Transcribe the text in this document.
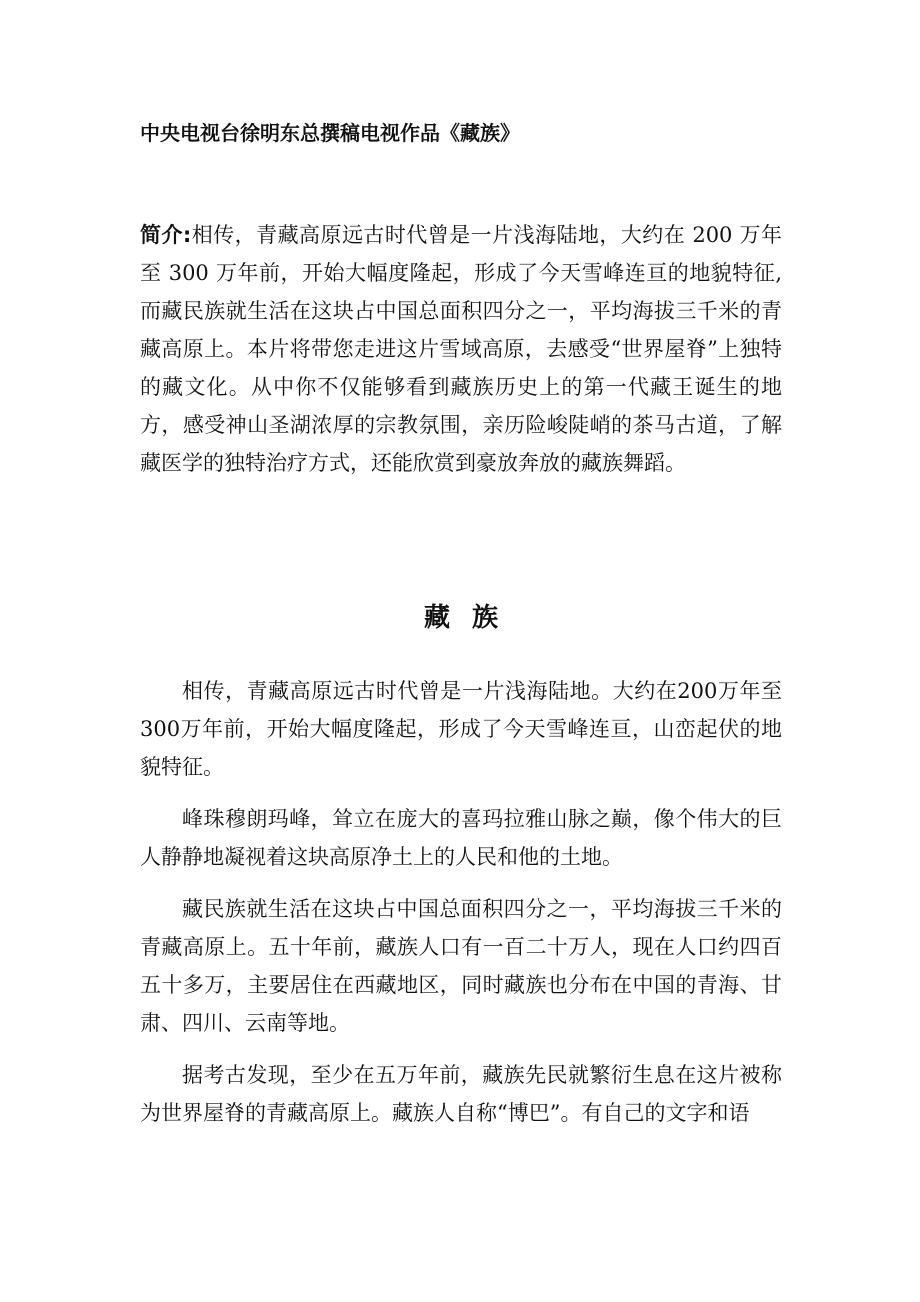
中央电视台徐明东总撰稿电视作品《藏族》

简介:相传，青藏高原远古时代曾是一片浅海陆地，大约在 200 万年至 300 万年前，开始大幅度隆起，形成了今天雪峰连亘的地貌特征,而藏民族就生活在这块占中国总面积四分之一，平均海拔三千米的青藏高原上。本片将带您走进这片雪域高原，去感受“世界屋脊”上独特的藏文化。从中你不仅能够看到藏族历史上的第一代藏王诞生的地方，感受神山圣湖浓厚的宗教氛围，亲历险峻陡峭的茶马古道，了解藏医学的独特治疗方式，还能欣赏到豪放奔放的藏族舞蹈。

藏族

相传，青藏高原远古时代曾是一片浅海陆地。大约在200万年至300万年前，开始大幅度隆起，形成了今天雪峰连亘，山峦起伏的地貌特征。

峰珠穆朗玛峰，耸立在庞大的喜玛拉雅山脉之巅，像个伟大的巨人静静地凝视着这块高原净土上的人民和他的土地。

藏民族就生活在这块占中国总面积四分之一，平均海拔三千米的青藏高原上。五十年前，藏族人口有一百二十万人，现在人口约四百五十多万，主要居住在西藏地区，同时藏族也分布在中国的青海、甘肃、四川、云南等地。

据考古发现，至少在五万年前，藏族先民就繁衍生息在这片被称为世界屋脊的青藏高原上。藏族人自称“博巴”。有自己的文字和语
